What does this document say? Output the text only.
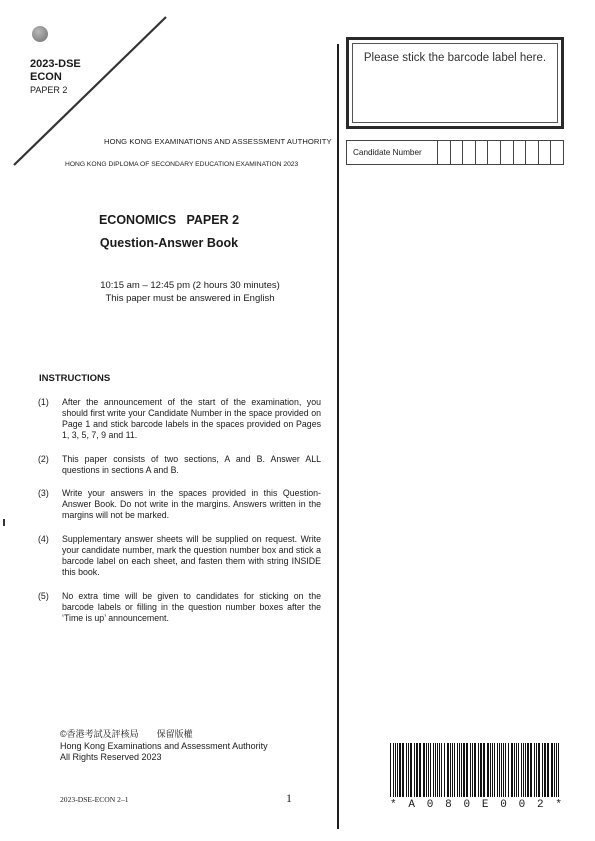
2023-DSE
ECON
PAPER 2
HONG KONG EXAMINATIONS AND ASSESSMENT AUTHORITY
HONG KONG DIPLOMA OF SECONDARY EDUCATION EXAMINATION 2023
Please stick the barcode label here.
Candidate Number
ECONOMICS   PAPER 2
Question-Answer Book
10:15 am – 12:45 pm (2 hours 30 minutes)
This paper must be answered in English
INSTRUCTIONS
(1)	After the announcement of the start of the examination, you should first write your Candidate Number in the space provided on Page 1 and stick barcode labels in the spaces provided on Pages 1, 3, 5, 7, 9 and 11.
(2)	This paper consists of two sections, A and B. Answer ALL questions in sections A and B.
(3)	Write your answers in the spaces provided in this Question-Answer Book. Do not write in the margins. Answers written in the margins will not be marked.
(4)	Supplementary answer sheets will be supplied on request. Write your candidate number, mark the question number box and stick a barcode label on each sheet, and fasten them with string INSIDE this book.
(5)	No extra time will be given to candidates for sticking on the barcode labels or filling in the question number boxes after the ‘Time is up’ announcement.
©香港考試及評核局　　保留版權
Hong Kong Examinations and Assessment Authority
All Rights Reserved 2023
2023-DSE-ECON 2–1	1	* A 0 8 0 E 0 0 2 *
